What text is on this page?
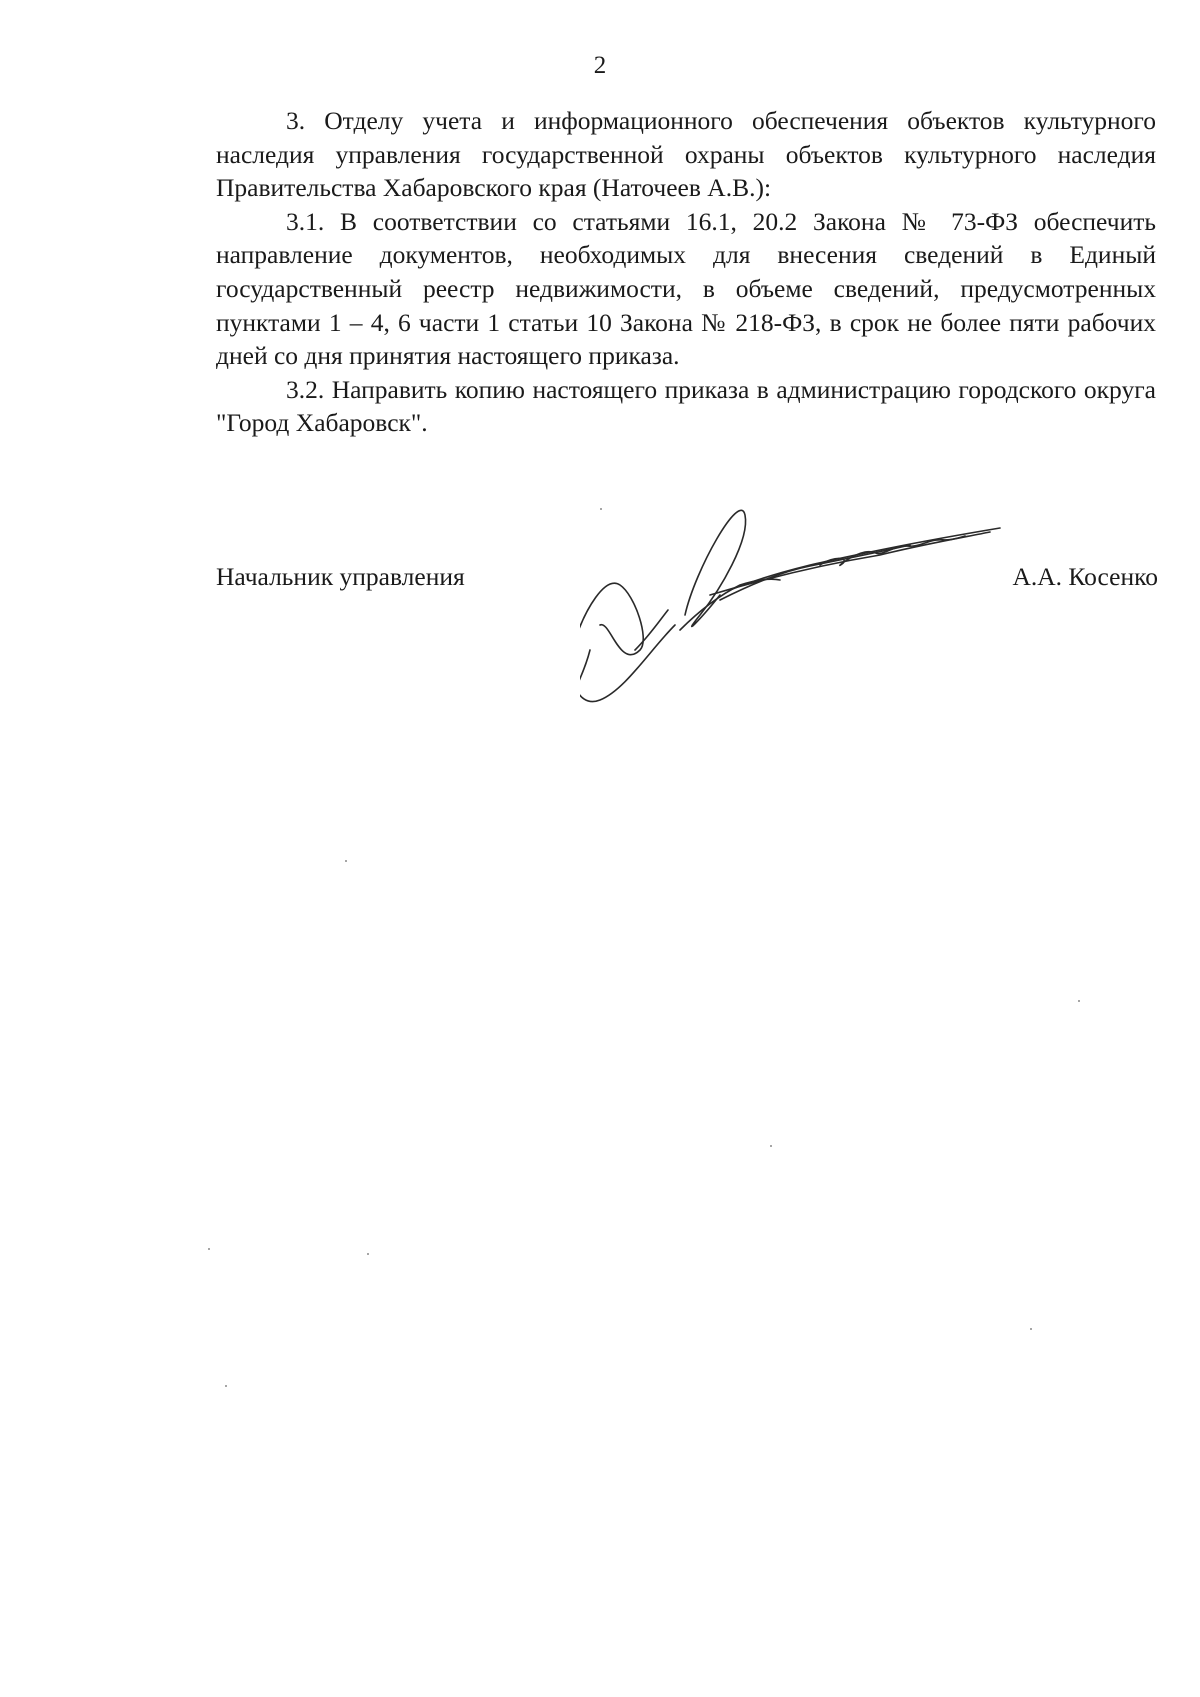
2

3. Отделу учета и информационного обеспечения объектов культурного наследия управления государственной охраны объектов культурного наследия Правительства Хабаровского края (Наточеев А.В.):

3.1. В соответствии со статьями 16.1, 20.2 Закона № 73-ФЗ обеспечить направление документов, необходимых для внесения сведений в Единый государственный реестр недвижимости, в объеме сведений, предусмотренных пунктами 1 – 4, 6 части 1 статьи 10 Закона № 218-ФЗ, в срок не более пяти рабочих дней со дня принятия настоящего приказа.

3.2. Направить копию настоящего приказа в администрацию городского округа "Город Хабаровск".

Начальник управления	А.А. Косенко
